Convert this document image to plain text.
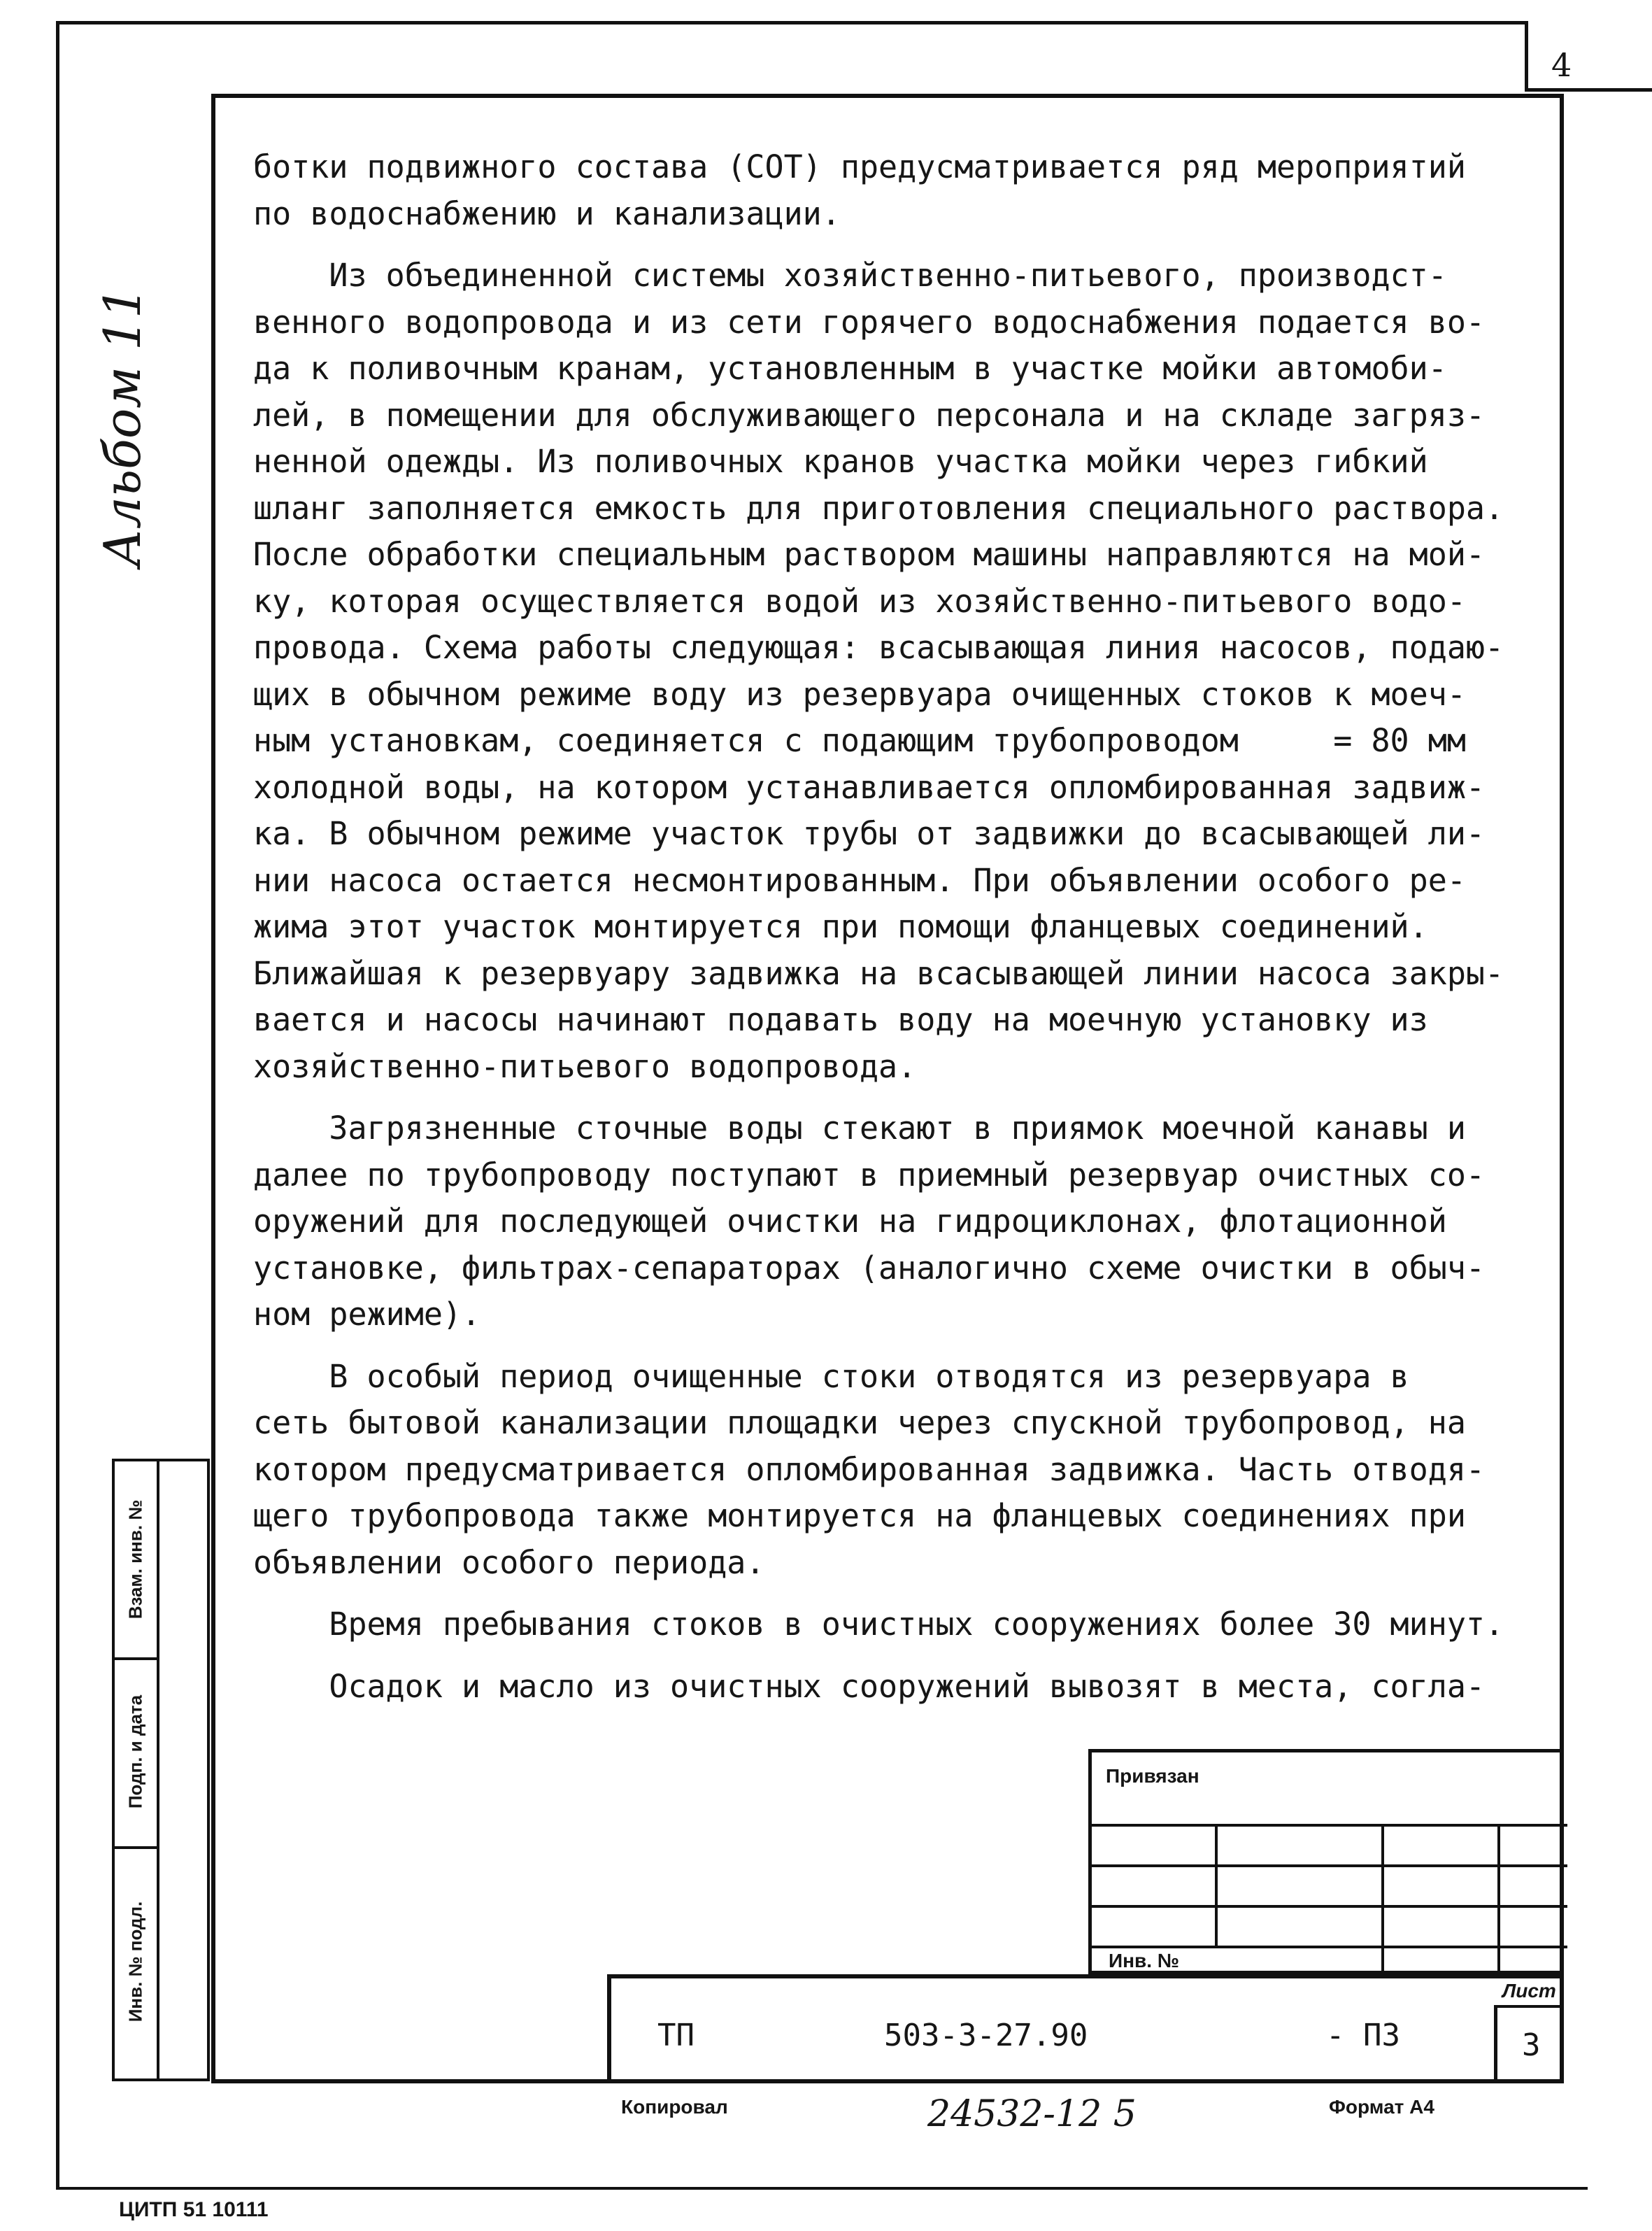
4
Альбом 11
ботки подвижного состава (СОТ) предусматривается ряд мероприятий
по водоснабжению и канализации.
Из объединенной системы хозяйственно-питьевого, производст-
венного водопровода и из сети горячего водоснабжения подается во-
да к поливочным кранам, установленным в участке мойки автомоби-
лей, в помещении для обслуживающего персонала и на складе загряз-
ненной одежды. Из поливочных кранов участка мойки через гибкий
шланг заполняется емкость для приготовления специального раствора.
После обработки специальным раствором машины направляются на мой-
ку, которая осуществляется водой из хозяйственно-питьевого водо-
провода. Схема работы следующая: всасывающая линия насосов, подаю-
щих в обычном режиме воду из резервуара очищенных стоков к моеч-
ным установкам, соединяется с подающим трубопроводом     = 80 мм
холодной воды, на котором устанавливается опломбированная задвиж-
ка. В обычном режиме участок трубы от задвижки до всасывающей ли-
нии насоса остается несмонтированным. При объявлении особого ре-
жима этот участок монтируется при помощи фланцевых соединений.
Ближайшая к резервуару задвижка на всасывающей линии насоса закры-
вается и насосы начинают подавать воду на моечную установку из
хозяйственно-питьевого водопровода.
Загрязненные сточные воды стекают в приямок моечной канавы и
далее по трубопроводу поступают в приемный резервуар очистных со-
оружений для последующей очистки на гидроциклонах, флотационной
установке, фильтрах-сепараторах (аналогично схеме очистки в обыч-
ном режиме).
В особый период очищенные стоки отводятся из резервуара в
сеть бытовой канализации площадки через спускной трубопровод, на
котором предусматривается опломбированная задвижка. Часть отводя-
щего трубопровода также монтируется на фланцевых соединениях при
объявлении особого периода.
Время пребывания стоков в очистных сооружениях более 30 минут.
Осадок и масло из очистных сооружений вывозят в места, согла-
Взам. инв. №
Подп. и дата
Инв. № подл.
Привязан
Инв. №
ТП	503-3-27.90	- ПЗ
Лист
3
Копировал	24532-12 5	Формат А4
ЦИТП 51 10111
